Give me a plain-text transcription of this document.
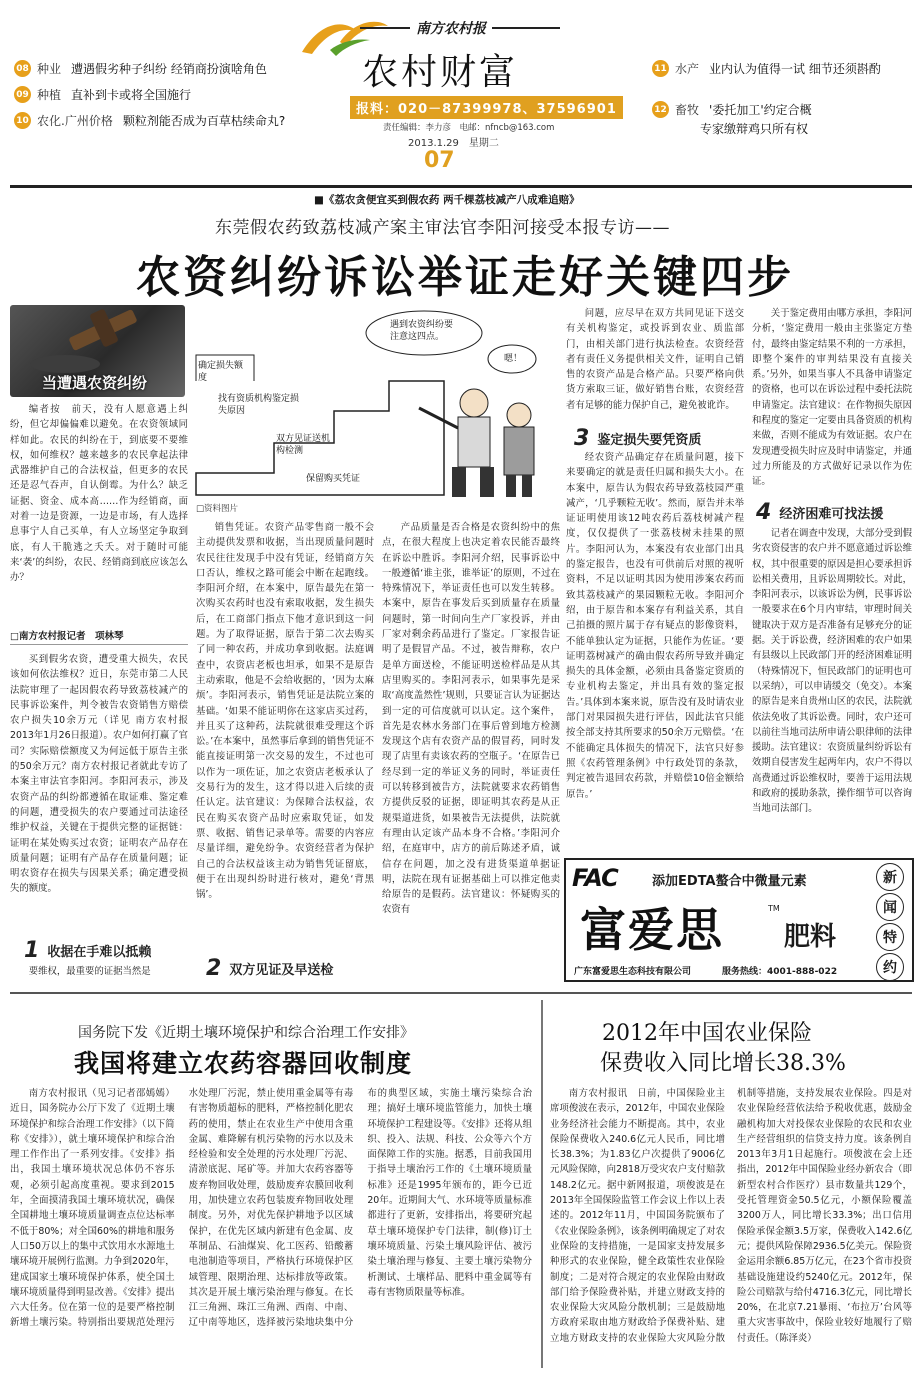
南方农村报
农村财富
报料：020－87399978、37596901
责任编辑：李力彦　电邮：nfncb@163.com
2013.1.29　星期二
07
08 种业 遭遇假劣种子纠纷 经销商扮演啥角色
09 种植 直补到卡或将全国施行
10 农化.广州价格 颗粒剂能否成为百草枯续命丸?
11 水产 业内认为值得一试 细节还须斟酌
12 畜牧 '委托加工'约定合概
专家缴辩鸡只所有权
■《荔农贪便宜买到假农药 两千棵荔枝减产八成难追赔》
东莞假农药致荔枝减产案主审法官李阳河接受本报专访——
农资纠纷诉讼举证走好关键四步
当遭遇农资纠纷
遇到农资纠纷要注意这四点。
嗯！
确定损失额度
找有资质机构鉴定损失原因
双方见证送机构检测
保留购买凭证
□资料图片

编者按　前天，没有人愿意遇上纠纷，但它却偏偏难以避免。在农资领域同样如此。农民的纠纷在于，到底要不要维权，如何维权？越来越多的农民拿起法律武器维护自己的合法权益，但更多的农民还是忍气吞声，自认倒霉。为什么？缺乏证据、资金、成本高……作为经销商，面对着一边是资源，一边是市场，有人选择息事宁人自己买单，有人立场坚定争取到底，有人干脆逃之夭夭。对于随时可能来‘袭’的纠纷，农民、经销商到底应该怎么办？

□南方农村报记者　项林琴

买到假劣农资，遭受重大损失，农民该如何依法维权？近日，东莞市第二人民法院审理了一起因假农药导致荔枝减产的民事诉讼案件，判令被告农资销售方赔偿农户损失10余万元（详见 南方农村报 2013年1月26日报道）。农户如何打赢了官司？实际赔偿额度又为何远低于原告主张的50余万元？南方农村报记者就此专访了本案主审法官李阳河。李阳河表示，涉及农资产品的纠纷都遵循在取证难、鉴定难的问题，遭受损失的农户要通过司法途径维护权益，关键在于提供完整的证据链：证明在某处购买过农资；证明农产品存在质量问题；证明有产品存在质量问题；证明农资存在损失与因果关系；确定遭受损失的额度。

1 收据在手难以抵赖

要维权，最重要的证据当然是

销售凭证。农资产品零售商一般不会主动提供发票和收据，当出现质量问题时农民往往发现手中没有凭证，经销商方矢口否认，维权之路可能会中断在起跑线。李阳河介绍，在本案中，原告最先在第一次购买农药时也没有索取收据，发生损失后，在工商部门指点下他才意识到这一问题。为了取得证据，原告于第二次去购买了同一种农药，并成功拿到收据。法庭调查中，农资店老板也坦承，如果不是原告主动索取，他是不会给收据的，‘因为太麻烦’。李阳河表示，销售凭证是法院立案的基础。‘如果不能证明你在这家店买过药，并且买了这种药，法院就很难受理这个诉讼。’在本案中，虽然事后拿到的销售凭证不能直接证明第一次交易的发生，不过也可以作为一项佐证，加之农资店老板承认了交易行为的发生，这才得以进入后续的责任认定。法官建议：为保障合法权益，农民在购买农资产品时应索取凭证，如发票、收据、销售记录单等。需要的内容应尽量详细，避免纷争。农资经营者为保护自己的合法权益该主动为销售凭证留底，便于在出现纠纷时进行核对，避免‘背黑锅’。

2 双方见证及早送检

产品质量是否合格是农资纠纷中的焦点，在很大程度上也决定着农民能否最终在诉讼中胜诉。李阳河介绍，民事诉讼中一般遵循‘谁主张，谁举证’的原则，不过在特殊情况下，举证责任也可以发生转移。本案中，原告在事发后买到质量存在质量问题时，第一时间向生产厂家投诉，并由厂家对剩余药品进行了鉴定。厂家报告证明了是假冒产品。不过，被告辩称，农户是单方面送检，不能证明送检样品是从其店里购买的。李阳河表示，如果事先是采取‘高度盖然性’规则，只要证言认为证据达到一定的可信度就可以认定。这个案件，首先是农林水务部门在事后曾到地方检测发现这个店有农资产品的假冒药，同时发现了店里有卖该农药的空瓶子。‘在原告已经尽到一定的举证义务的同时，举证责任可以转移到被告方，法院就要求农药销售方提供反驳的证据，即证明其农药是从正规渠道进货，如果被告无法提供，法院就有理由认定该产品本身不合格。’李阳河介绍，在庭审中，店方的前后陈述矛盾，诚信存在问题，加之没有进货渠道单据证明，法院在现有证据基础上可以推定他卖给原告的是假药。法官建议：怀疑购买的农资有

问题，应尽早在双方共同见证下送交有关机构鉴定，或投诉到农业、质监部门，由相关部门进行执法检查。农资经营者有责任义务提供相关文件，证明自己销售的农资产品是合格产品。只要严格向供货方索取三证，做好销售台账，农资经营者有足够的能力保护自己，避免被讹诈。

3 鉴定损失要凭资质

经农资产品确定存在质量问题，接下来要确定的就是责任归属和损失大小。在本案中，原告认为假农药导致荔枝园严重减产，‘几乎颗粒无收’。然而，原告并未举证证明使用该12吨农药后荔枝树减产程度，仅仅提供了一张荔枝树未挂果的照片。李阳河认为，本案没有农业部门出具的鉴定报告，也没有可供前后对照的视听资料，不足以证明其因为使用涉案农药而致其荔枝减产的果园颗粒无收。李阳河介绍，由于原告和本案存有利益关系，其自己拍摄的照片属于存有疑点的影像资料，不能单独认定为证据，只能作为佐证。‘要证明荔树减产的确由假农药所导致并确定损失的具体金额，必须由具备鉴定资质的专业机构去鉴定，并出具有效的鉴定报告。’具体到本案来说，原告没有及时请农业部门对果园损失进行评估，因此法官只能按全部支持其所要求的50余万元赔偿。‘在不能确定具体损失的情况下，法官只好参照《农药管理条例》中行政处罚的条款，判定被告退回农药款，并赔偿10倍金额给原告。’

关于鉴定费用由哪方承担，李阳河分析，‘鉴定费用一般由主张鉴定方垫付，最终由鉴定结果不利的一方承担，即整个案件的审判结果没有直接关系。’另外，如果当事人不具备申请鉴定的资格，也可以在诉讼过程中委托法院申请鉴定。法官建议：在作物损失原因和程度的鉴定一定要由具备资质的机构来做，否则不能成为有效证据。农户在发现遭受损失时应及时申请鉴定，并通过力所能及的方式做好记录以作为佐证。

4 经济困难可找法援

记者在调查中发现，大部分受到假劣农资侵害的农户并不愿意通过诉讼维权，其中很重要的原因是担心要承担诉讼相关费用，且诉讼周期较长。对此，李阳河表示，以该诉讼为例，民事诉讼一般要求在6个月内审结，审理时间关键取决于双方是否准备有足够充分的证据。关于诉讼费，经济困难的农户如果有县级以上民政部门开的经济困难证明（特殊情况下，恒民政部门的证明也可以采纳），可以申请缓交（免交）。本案的原告是来自贵州山区的农民，法院就依法免收了其诉讼费。同时，农户还可以前往当地司法所申请公职律师的法律援助。法官建议：农资质量纠纷诉讼有效期自侵害发生起两年内，农户不得以高费通过诉讼维权时，要善于运用法规和政府的援助条款，操作细节可以咨询当地司法部门。

FAC	添加EDTA螯合中微量元素
富爱思	TM
肥料
广东富爱思生态科技有限公司	服务热线：4001-888-022
新
闻
特
约
国务院下发《近期土壤环境保护和综合治理工作安排》
我国将建立农药容器回收制度

南方农村报讯（见习记者邵嫣嫣）近日，国务院办公厅下发了《近期土壤环境保护和综合治理工作安排》（以下简称《安排》），就土壤环境保护和综合治理工作作出了一系列安排。《安排》指出，我国土壤环境状况总体仍不容乐观，必须引起高度重视。要求到2015年，全面摸清我国土壤环境状况，确保全国耕地土壤环境质量调查点位达标率不低于80%；对全国60%的耕地和服务人口50万以上的集中式饮用水水源地土壤环境开展例行监测。力争到2020年，建成国家土壤环境保护体系，使全国土壤环境质量得到明显改善。《安排》提出六大任务。位在第一位的是要严格控制新增土壤污染。特别指出要规范处理污水处理厂污泥，禁止使用重金属等有毒有害物质超标的肥料，严格控制化肥农药的使用，禁止在农业生产中使用含重金属、难降解有机污染物的污水以及未经检验和安全处理的污水处理厂污泥、清淤底泥、尾矿等。并加大农药容器等废弃物回收处理，鼓励废弃农膜回收利用，加快建立农药包装废弃物回收处理制度。另外，对优先保护耕地予以区域保护，在优先区域内新建有色金属、皮革制品、石油煤炭、化工医药、铅酸蓄电池制造等项目，严格执行环境保护区域管理、限期治理、达标排放等政策。其次是开展土壤污染治理与修复。在长江三角洲、珠江三角洲、西南、中南、辽中南等地区，选择被污染地块集中分布的典型区域，实施土壤污染综合治理；搞好土壤环境监管能力，加快土壤环境保护工程建设等。《安排》还将从组织、投入、法规、科技、公众等六个方面保障工作的实施。据悉，目前我国用于指导土壤治污工作的《土壤环境质量标准》还是1995年颁布的，距今已近20年。近期间大气、水环境等质量标准都进行了更新，安排指出，将要研究起草土壤环境保护专门法律，制(修)订土壤环境质量、污染土壤风险评估、被污染土壤治理与修复、主要土壤污染物分析测试、土壤样品、肥料中重金属等有毒有害物质限量等标准。

2012年中国农业保险
保费收入同比增长38.3%

南方农村报讯　日前，中国保险业主席项俊波在表示，2012年，中国农业保险业务经济社会能力不断提高。其中，农业保险保费收入240.6亿元人民币，同比增长38.3%；为1.83亿户次提供了9006亿元风险保障，向2818万受灾农户支付赔款148.2亿元。据中新网报道，项俊波是在2013年全国保险监管工作会议上作以上表述的。2012年11月，中国国务院颁布了《农业保险条例》，该条例明确规定了对农业保险的支持措施，一是国家支持发展多种形式的农业保险，健全政策性农业保险制度；二是对符合规定的农业保险由财政部门给予保险费补贴，并建立财政支持的农业保险大灾风险分散机制；三是鼓励地方政府采取由地方财政给予保费补贴、建立地方财政支持的农业保险大灾风险分散机制等措施，支持发展农业保险。四是对农业保险经营依法给予税收优惠，鼓励金融机构加大对投保农业保险的农民和农业生产经营组织的信贷支持力度。该条例自2013年3月1日起施行。项俊波在会上还指出，2012年中国保险业经办新农合（即新型农村合作医疗）县市数量共129个，受托管理资金50.5亿元，小额保险覆盖3200万人，同比增长33.3%；出口信用保险承保金额3.5万家，保费收入142.6亿元；提供风险保障2936.5亿美元。保险资金运用余额6.85万亿元，在23个省市投资基础设施建设约5240亿元。2012年，保险公司赔款与给付4716.3亿元，同比增长20%，在北京7.21暴雨、‘布拉万’台风等重大灾害事故中，保险业较好地履行了赔付责任。（陈泽炎）
